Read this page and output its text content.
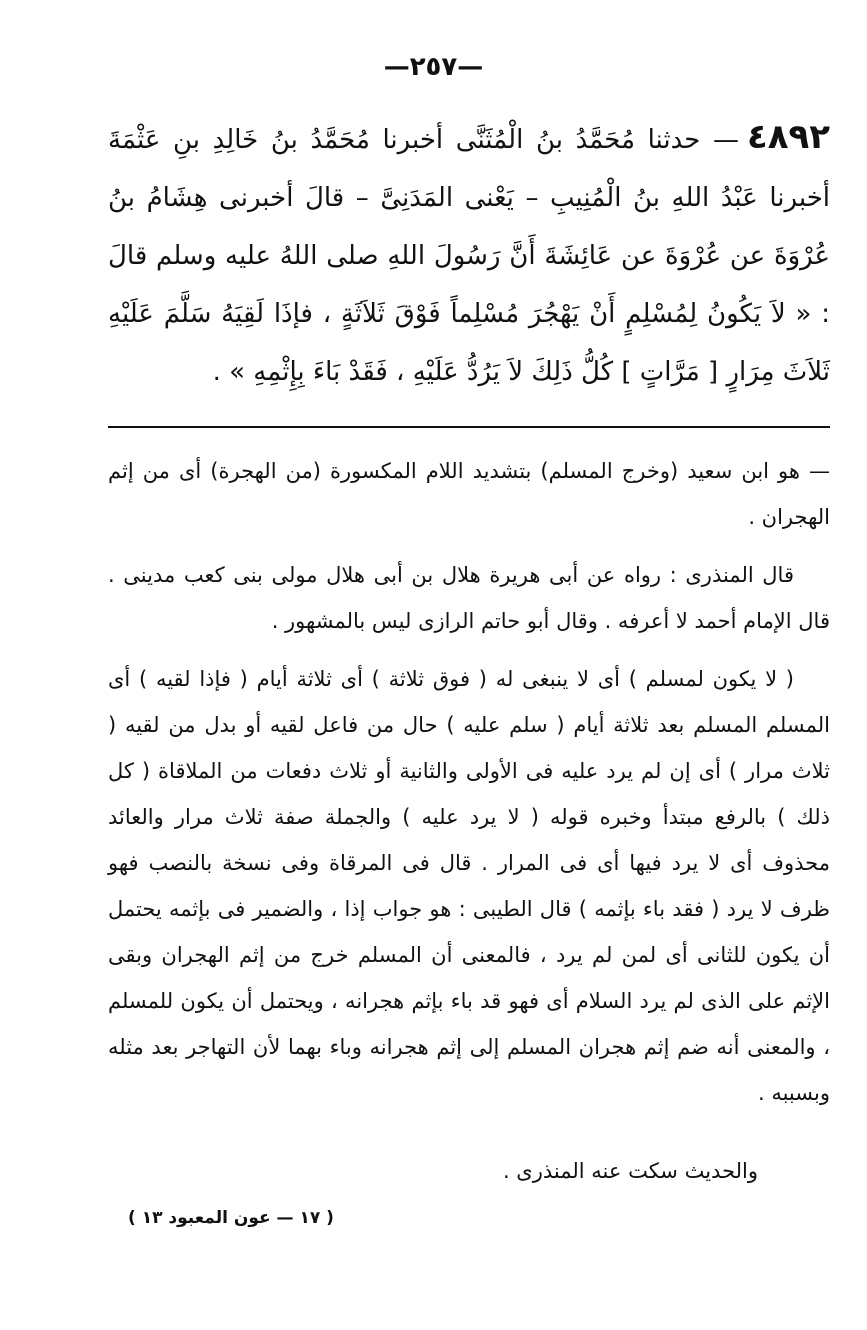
—٢٥٧—
٤٨٩٢— حدثنا مُحَمَّدُ بنُ الْمُثَنَّى أخبرنا مُحَمَّدُ بنُ خَالِدِ بنِ عَثْمَةَ أخبرنا عَبْدُ اللهِ بنُ الْمُنِيبِ – يَعْنى المَدَنِىَّ – قالَ أخبرنى هِشَامُ بنُ عُرْوَةَ عن عُرْوَةَ عن عَائِشَةَ أَنَّ رَسُولَ اللهِ صلى اللهُ عليه وسلم قالَ : « لاَ يَكُونُ لِمُسْلِمٍ أَنْ يَهْجُرَ مُسْلِماً فَوْقَ ثَلاَثَةٍ ، فإذَا لَقِيَهُ سَلَّمَ عَلَيْهِ ثَلاَثَ مِرَارٍ [ مَرَّاتٍ ] كُلُّ ذَلِكَ لاَ يَرُدُّ عَلَيْهِ ، فَقَدْ بَاءَ بِإِثْمِهِ » .

— هو ابن سعيد (وخرج المسلم) بتشديد اللام المكسورة (من الهجرة) أى من إثم الهجران .

قال المنذرى : رواه عن أبى هريرة هلال بن أبى هلال مولى بنى كعب مدينى . قال الإمام أحمد لا أعرفه . وقال أبو حاتم الرازى ليس بالمشهور .

( لا يكون لمسلم ) أى لا ينبغى له ( فوق ثلاثة ) أى ثلاثة أيام ( فإذا لقيه ) أى المسلم المسلم بعد ثلاثة أيام ( سلم عليه ) حال من فاعل لقيه أو بدل من لقيه ( ثلاث مرار ) أى إن لم يرد عليه فى الأولى والثانية أو ثلاث دفعات من الملاقاة ( كل ذلك ) بالرفع مبتدأ وخبره قوله ( لا يرد عليه ) والجملة صفة ثلاث مرار والعائد محذوف أى لا يرد فيها أى فى المرار . قال فى المرقاة وفى نسخة بالنصب فهو ظرف لا يرد ( فقد باء بإثمه ) قال الطيبى : هو جواب إذا ، والضمير فى بإثمه يحتمل أن يكون للثانى أى لمن لم يرد ، فالمعنى أن المسلم خرج من إثم الهجران وبقى الإثم على الذى لم يرد السلام أى فهو قد باء بإثم هجرانه ، ويحتمل أن يكون للمسلم ، والمعنى أنه ضم إثم هجران المسلم إلى إثم هجرانه وباء بهما لأن التهاجر بعد مثله وبسببه .

والحديث سكت عنه المنذرى .

( ١٧ — عون المعبود ١٣ )
